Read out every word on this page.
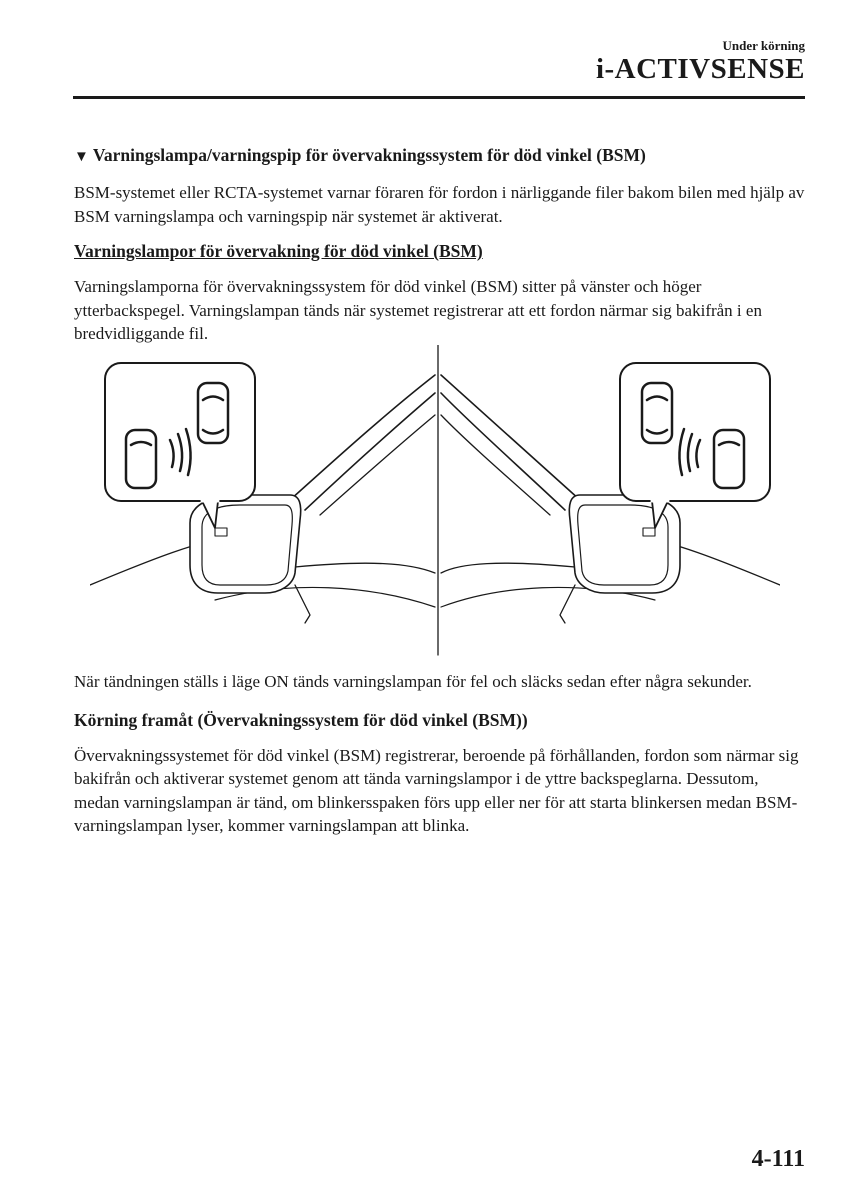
Under körning
i-ACTIVSENSE
▼ Varningslampa/varningspip för övervakningssystem för död vinkel (BSM)

BSM-systemet eller RCTA-systemet varnar föraren för fordon i närliggande filer bakom bilen med hjälp av BSM varningslampa och varningspip när systemet är aktiverat.

Varningslampor för övervakning för död vinkel (BSM)

Varningslamporna för övervakningssystem för död vinkel (BSM) sitter på vänster och höger ytterbackspegel. Varningslampan tänds när systemet registrerar att ett fordon närmar sig bakifrån i en bredvidliggande fil.

När tändningen ställs i läge ON tänds varningslampan för fel och släcks sedan efter några sekunder.

Körning framåt (Övervakningssystem för död vinkel (BSM))

Övervakningssystemet för död vinkel (BSM) registrerar, beroende på förhållanden, fordon som närmar sig bakifrån och aktiverar systemet genom att tända varningslampor i de yttre backspeglarna. Dessutom, medan varningslampan är tänd, om blinkersspaken förs upp eller ner för att starta blinkersen medan BSM-varningslampan lyser, kommer varningslampan att blinka.

4-111
